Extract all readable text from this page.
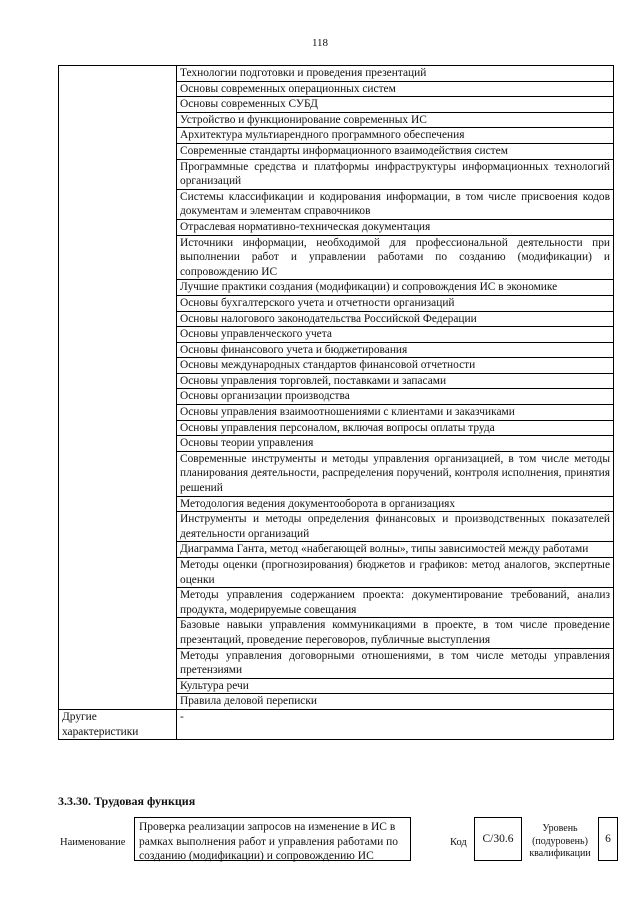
118
	Технологии подготовки и проведения презентаций
	Основы современных операционных систем
	Основы современных СУБД
	Устройство и функционирование современных ИС
	Архитектура мультиарендного программного обеспечения
	Современные стандарты информационного взаимодействия систем
	Программные средства и платформы инфраструктуры информационных технологий организаций
	Системы классификации и кодирования информации, в том числе присвоения кодов документам и элементам справочников
	Отраслевая нормативно-техническая документация
	Источники информации, необходимой для профессиональной деятельности при выполнении работ и управлении работами по созданию (модификации) и сопровождению ИС
	Лучшие практики создания (модификации) и сопровождения ИС в экономике
	Основы бухгалтерского учета и отчетности организаций
	Основы налогового законодательства Российской Федерации
	Основы управленческого учета
	Основы финансового учета и бюджетирования
	Основы международных стандартов финансовой отчетности
	Основы управления торговлей, поставками и запасами
	Основы организации производства
	Основы управления взаимоотношениями с клиентами и заказчиками
	Основы управления персоналом, включая вопросы оплаты труда
	Основы теории управления
	Современные инструменты и методы управления организацией, в том числе методы планирования деятельности, распределения поручений, контроля исполнения, принятия решений
	Методология ведения документооборота в организациях
	Инструменты и методы определения финансовых и производственных показателей деятельности организаций
	Диаграмма Ганта, метод «набегающей волны», типы зависимостей между работами
	Методы оценки (прогнозирования) бюджетов и графиков: метод аналогов, экспертные оценки
	Методы управления содержанием проекта: документирование требований, анализ продукта, модерируемые совещания
	Базовые навыки управления коммуникациями в проекте, в том числе проведение презентаций, проведение переговоров, публичные выступления
	Методы управления договорными отношениями, в том числе методы управления претензиями
	Культура речи
	Правила деловой переписки
Другие характеристики	-
3.3.30. Трудовая функция
Наименование
Проверка реализации запросов на изменение в ИС в рамках выполнения работ и управления работами по созданию (модификации) и сопровождению ИС
Код	С/30.6
Уровень (подуровень) квалификации
6
